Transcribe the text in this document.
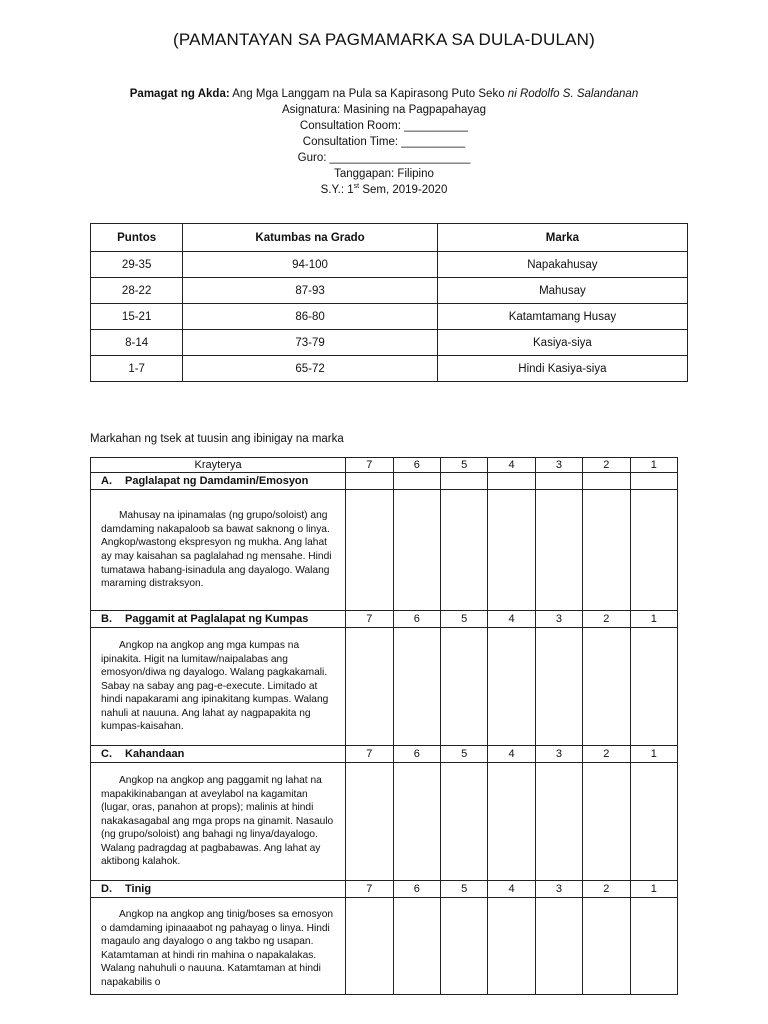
(PAMANTAYAN SA PAGMAMARKA SA DULA-DULAN)
Pamagat ng Akda: Ang Mga Langgam na Pula sa Kapirasong Puto Seko ni Rodolfo S. Salandanan
Asignatura: Masining na Pagpapahayag
Consultation Room: __________
Consultation Time: __________
Guro: ______________________
Tanggapan: Filipino
S.Y.: 1st Sem, 2019-2020
Puntos	Katumbas na Grado	Marka
29-35	94-100	Napakahusay
28-22	87-93	Mahusay
15-21	86-80	Katamtamang Husay
8-14	73-79	Kasiya-siya
1-7	65-72	Hindi Kasiya-siya
Markahan ng tsek at tuusin ang ibinigay na marka
Krayterya	7	6	5	4	3	2	1
A. Paglalapat ng Damdamin/Emosyon							

Mahusay na ipinamalas (ng grupo/soloist) ang damdaming nakapaloob sa bawat saknong o linya. Angkop/wastong ekspresyon ng mukha. Ang lahat ay may kaisahan sa paglalahad ng mensahe. Hindi tumatawa habang-isinadula ang dayalogo. Walang maraming distraksyon.							

B. Paggamit at Paglalapat ng Kumpas	7	6	5	4	3	2	1

Angkop na angkop ang mga kumpas na ipinakita. Higit na lumitaw/naipalabas ang emosyon/diwa ng dayalogo. Walang pagkakamali. Sabay na sabay ang pag-e-execute. Limitado at hindi napakarami ang ipinakitang kumpas. Walang nahuli at nauuna. Ang lahat ay nagpapakita ng kumpas-kaisahan.							

C. Kahandaan	7	6	5	4	3	2	1

Angkop na angkop ang paggamit ng lahat na mapakikinabangan at aveylabol na kagamitan (lugar, oras, panahon at props); malinis at hindi nakakasagabal ang mga props na ginamit. Nasaulo (ng grupo/soloist) ang bahagi ng linya/dayalogo. Walang padragdag at pagbabawas. Ang lahat ay aktibong kalahok.							

D. Tinig	7	6	5	4	3	2	1

Angkop na angkop ang tinig/boses sa emosyon o damdaming ipinaaabot ng pahayag o linya. Hindi magaulo ang dayalogo o ang takbo ng usapan. Katamtaman at hindi rin mahina o napakalakas. Walang nahuhuli o nauuna. Katamtaman at hindi napakabilis o							
